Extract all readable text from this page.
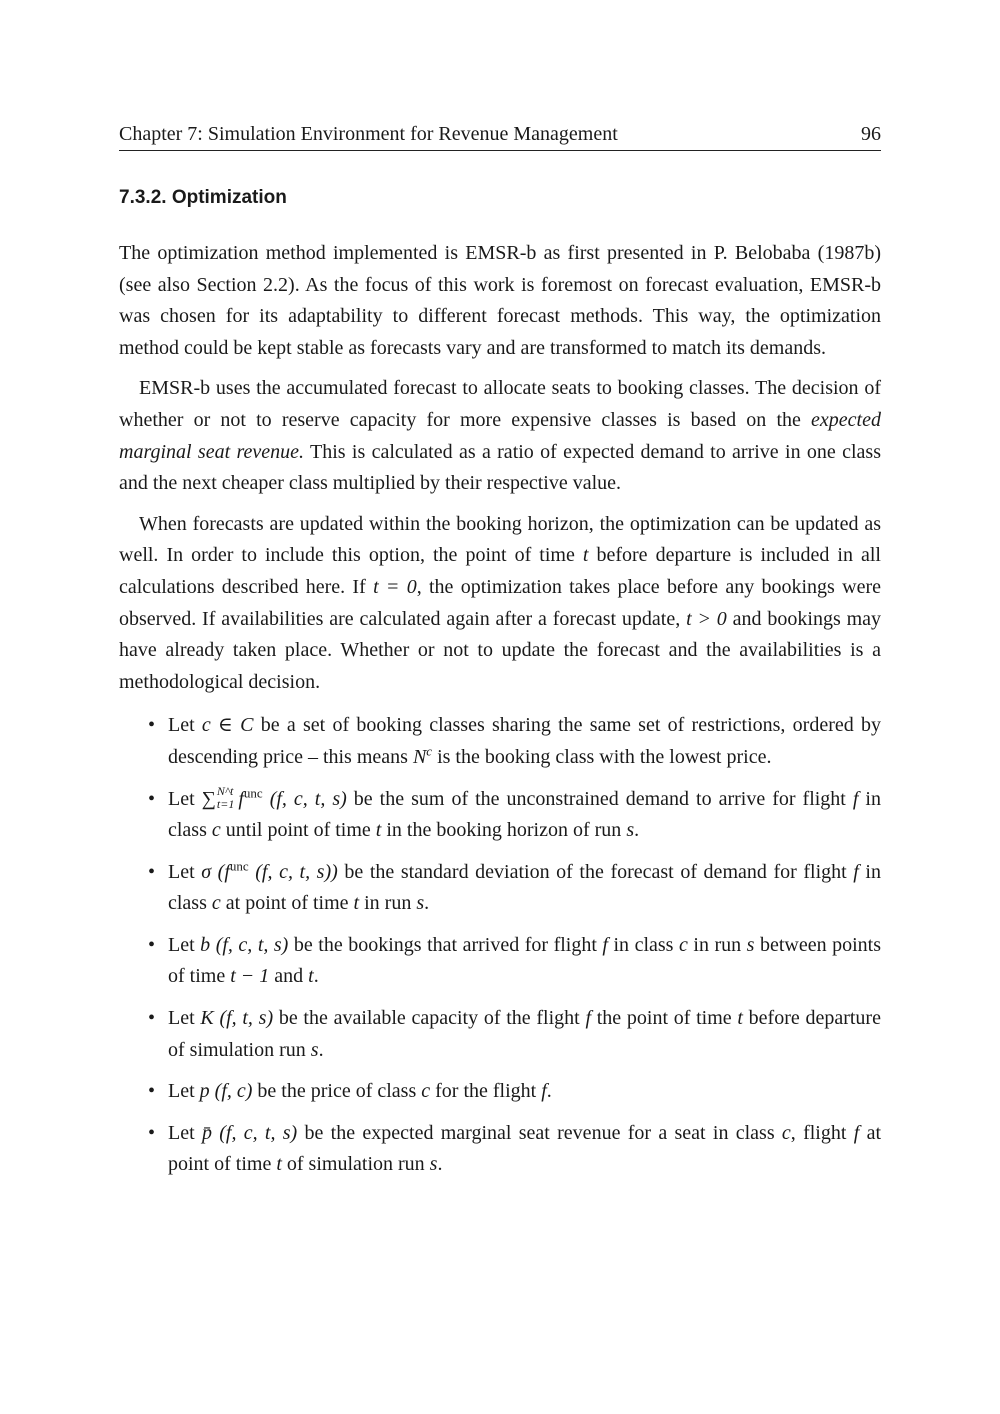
Chapter 7: Simulation Environment for Revenue Management	96
7.3.2. Optimization

The optimization method implemented is EMSR-b as first presented in P. Belobaba (1987b) (see also Section 2.2). As the focus of this work is foremost on forecast evaluation, EMSR-b was chosen for its adaptability to different forecast methods. This way, the optimization method could be kept stable as forecasts vary and are transformed to match its demands.

EMSR-b uses the accumulated forecast to allocate seats to booking classes. The decision of whether or not to reserve capacity for more expensive classes is based on the expected marginal seat revenue. This is calculated as a ratio of expected demand to arrive in one class and the next cheaper class multiplied by their respective value.

When forecasts are updated within the booking horizon, the optimization can be updated as well. In order to include this option, the point of time t before departure is included in all calculations described here. If t = 0, the optimization takes place before any bookings were observed. If availabilities are calculated again after a forecast update, t > 0 and bookings may have already taken place. Whether or not to update the forecast and the availabilities is a methodological decision.

• Let c ∈ C be a set of booking classes sharing the same set of restrictions, ordered by descending price – this means $N^c$ is the booking class with the lowest price.
• Let ∑ N^t
t=1 $f^{unc}$ (f, c, t, s) be the sum of the unconstrained demand to arrive for flight f in class c until point of time t in the booking horizon of run s.
• Let σ ($f^{unc}$ (f, c, t, s)) be the standard deviation of the forecast of demand for flight f in class c at point of time t in run s.
• Let b (f, c, t, s) be the bookings that arrived for flight f in class c in run s between points of time t − 1 and t.
• Let K (f, t, s) be the available capacity of the flight f the point of time t before departure of simulation run s.
• Let p (f, c) be the price of class c for the flight f.
• Let p̄ (f, c, t, s) be the expected marginal seat revenue for a seat in class c, flight f at point of time t of simulation run s.
